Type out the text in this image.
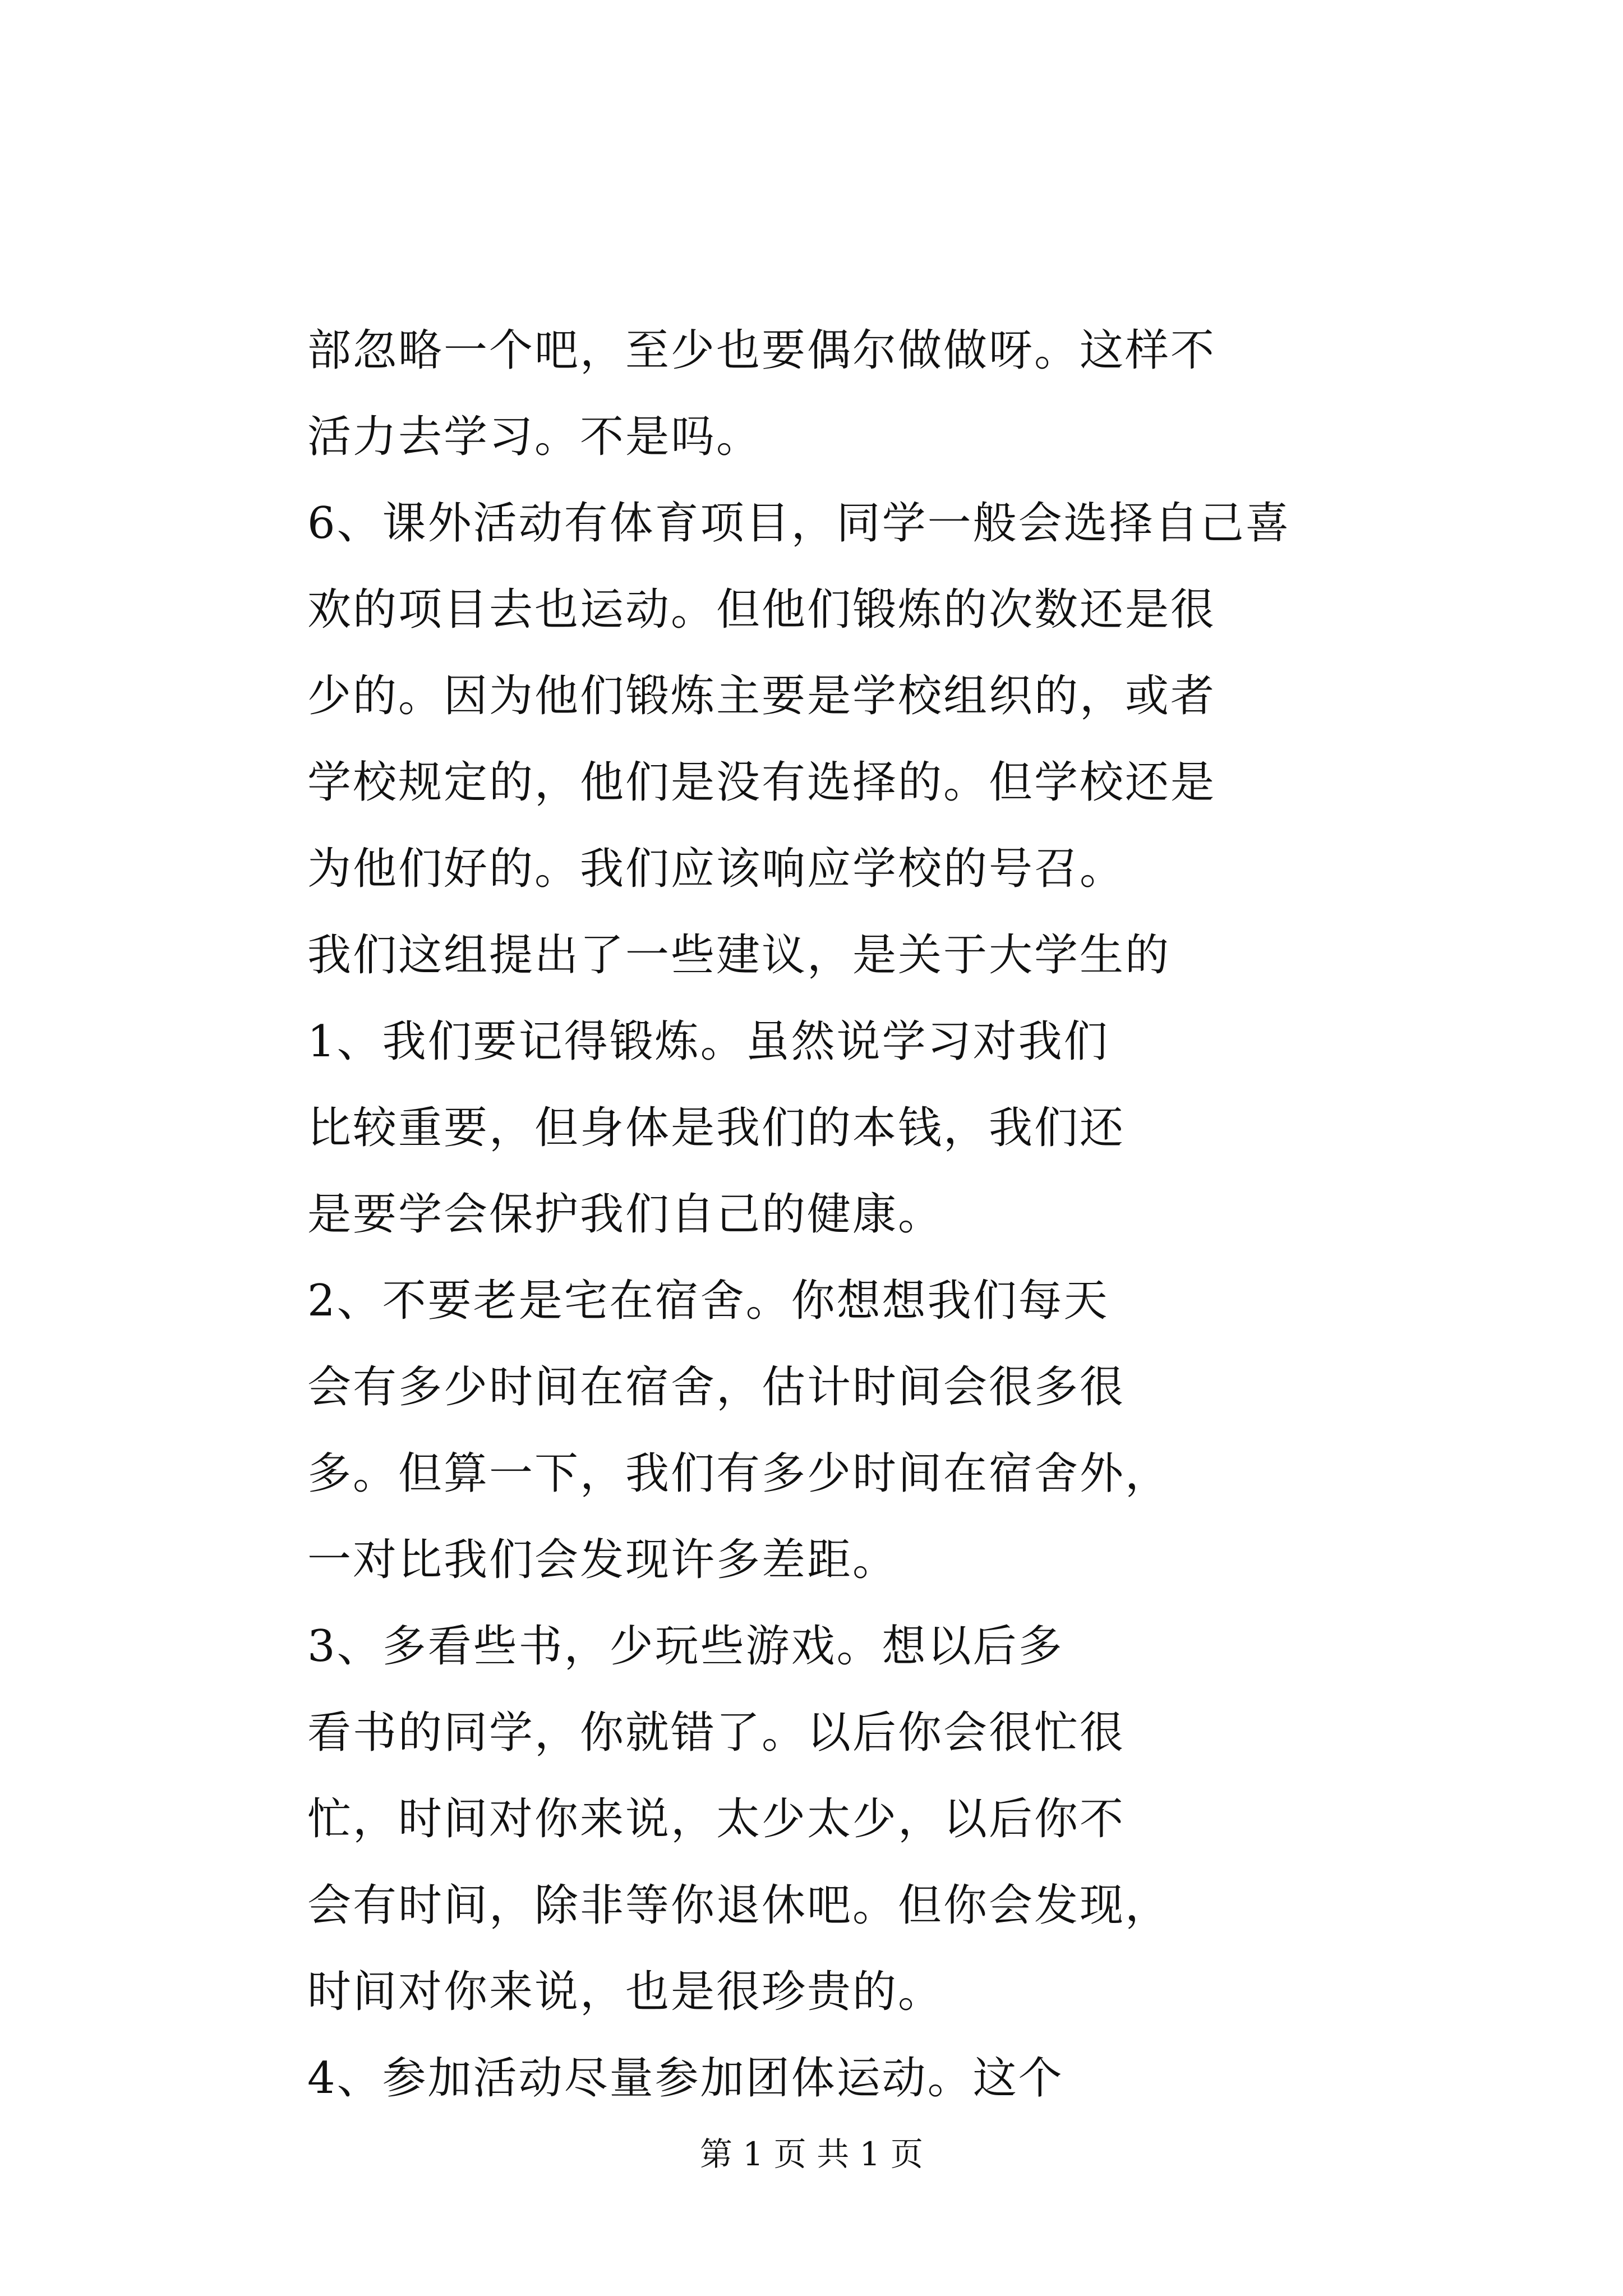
部忽略一个吧，至少也要偶尔做做呀。这样不
活力去学习。不是吗。
6、课外活动有体育项目，同学一般会选择自己喜
欢的项目去也运动。但他们锻炼的次数还是很
少的。因为他们锻炼主要是学校组织的，或者
学校规定的，他们是没有选择的。但学校还是
为他们好的。我们应该响应学校的号召。
我们这组提出了一些建议，是关于大学生的
1、我们要记得锻炼。虽然说学习对我们
比较重要，但身体是我们的本钱，我们还
是要学会保护我们自己的健康。
2、不要老是宅在宿舍。你想想我们每天
会有多少时间在宿舍，估计时间会很多很
多。但算一下，我们有多少时间在宿舍外，
一对比我们会发现许多差距。
3、多看些书，少玩些游戏。想以后多
看书的同学，你就错了。以后你会很忙很
忙，时间对你来说，太少太少，以后你不
会有时间，除非等你退休吧。但你会发现，
时间对你来说，也是很珍贵的。
4、参加活动尽量参加团体运动。这个
第 1 页 共 1 页
